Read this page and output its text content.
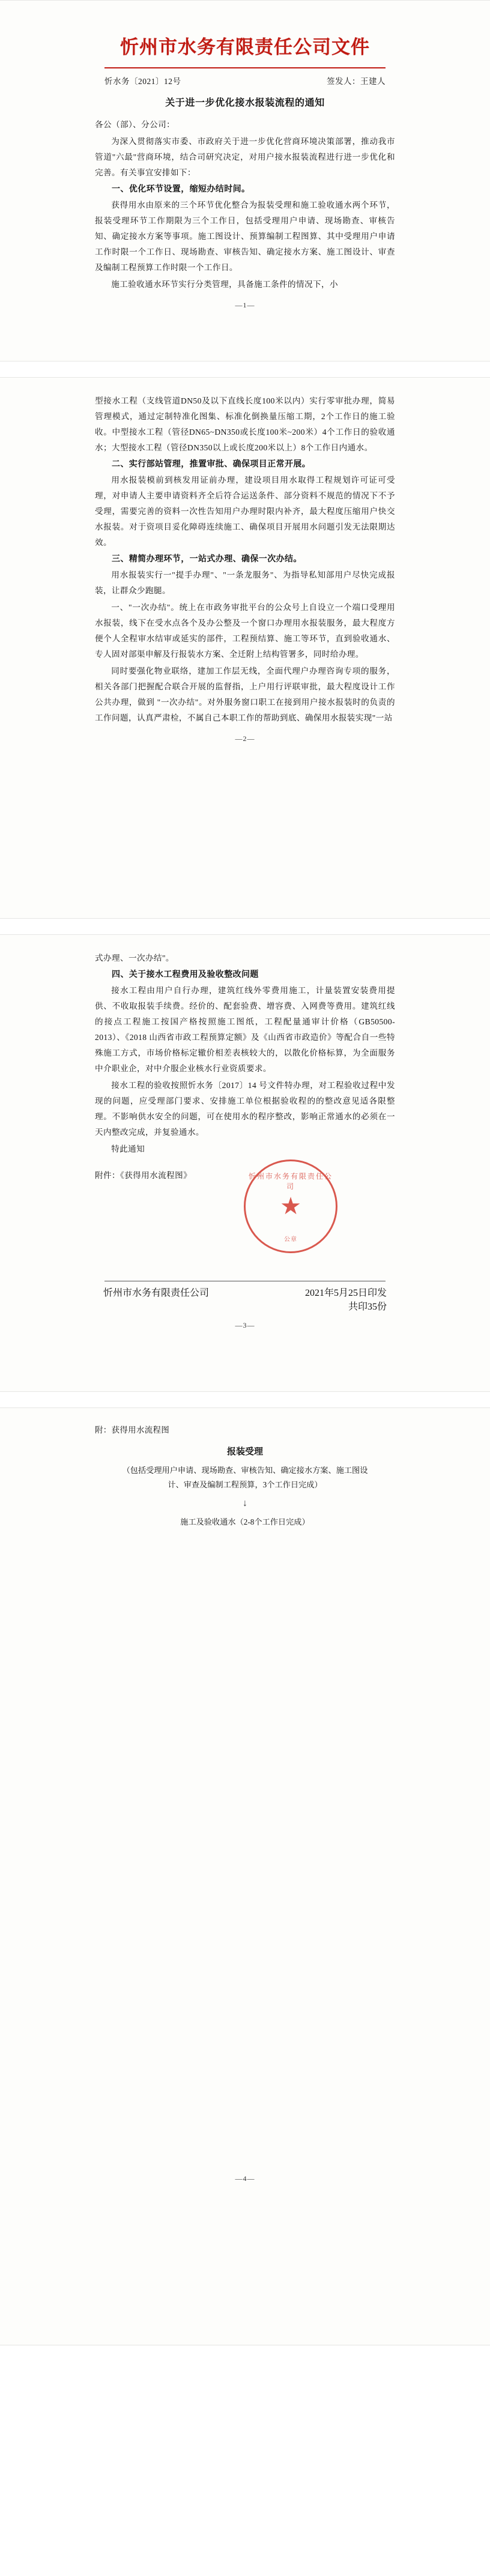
忻州市水务有限责任公司文件
忻水务〔2021〕12号	签发人：王建人
关于进一步优化接水报装流程的通知

各公（部）、分公司：

为深入贯彻落实市委、市政府关于进一步优化营商环境决策部署，推动我市管道"六最"营商环境，结合司研究决定，对用户接水报装流程进行进一步优化和完善。有关事宜安排如下：

一、优化环节设置，缩短办结时间。

获得用水由原来的三个环节优化整合为报装受理和施工验收通水两个环节，报装受理环节工作期限为三个工作日，包括受理用户申请、现场勘查、审核告知、确定接水方案等事项。施工图设计、预算编制工程图算、其中受理用户申请工作时限一个工作日、现场勘查、审核告知、确定接水方案、施工图设计、审查及编制工程预算工作时限一个工作日。

施工验收通水环节实行分类管理，具备施工条件的情况下，小

—1—

型接水工程（支线管道DN50及以下直线长度100米以内）实行零审批办理，简易管理模式，通过定制特准化图集、标准化倒换量压缩工期，2个工作日的施工验收。中型接水工程（管径DN65~DN350或长度100米~200米）4个工作日的验收通水；大型接水工程（管径DN350以上或长度200米以上）8个工作日内通水。

二、实行部站管理，推置审批、确保项目正常开展。

用水报装模前到核发用证前办理，建设项目用水取得工程规划许可证可受理，对申请人主要申请资料齐全后符合运送条件、部分资料不规范的情况下不予受理，需要完善的资料一次性告知用户办理时限内补齐，最大程度压缩用户快交水报装。对于资项目妥化障碍连续施工、确保项目开展用水问题引发无法限期达效。

三、精简办理环节，一站式办理、确保一次办结。

用水报装实行一"提手办理"、"一条龙服务"、为指导私知部用户尽快完成报装，让群众少跑腿。

一、"一次办结"。统上在市政务审批平台的公众号上自设立一个端口受理用水报装，线下在受水点各个及办公整及一个窗口办理用水报装服务，最大程度方便个人全程审水结审或延实的部件，工程预结算、施工等环节，直到验收通水、专人固对部渠申解及行报装水方案、全迁附上结构管署多，同时给办理。

同时要强化物业联络，建加工作层无线，全面代理户办理咨询专项的服务，相关各部门把握配合联合开展的监督指，上户用行评联审批，最大程度设计工作公共办理，做到 "一次办结"。对外服务窗口职工在接到用户接水报装时的负责的工作问题，认真严肃检，不属自己本职工作的帮助到底、确保用水报装实现"一站

—2—

式办理、一次办结"。

四、关于接水工程费用及验收整改问题

接水工程由用户自行办理，建筑红线外零费用施工，计量装置安装费用提供、不收取报装手续费。经价的、配套验费、增容费、入网费等费用。建筑红线的接点工程施工按国产格按照施工图纸，工程配量通审计价格（GB50500-2013）、《2018 山西省市政工程预算定额》及《山西省市政造价》等配合自一些特殊施工方式，市场价格标定辙价相差表核较大的，以散化价格标算，为全面服务中介职业企，对中介服企业核水行业资质要求。

接水工程的验收按照忻水务〔2017〕14 号文件特办理，对工程验收过程中发现的问题，应受理部门要求、安排施工单位根据验收程的的整改意见适各限整理。不影响供水安全的问题，可在使用水的程序整改，影响正常通水的必须在一天内整改完成，并复验通水。

特此通知

附件：《获得用水流程图》	忻州市水务有限责任公司
★
公章
忻州市水务有限责任公司	2021年5月25日印发
共印35份
—3—

附：获得用水流程图

报装受理
（包括受理用户申请、现场勘查、审核告知、确定接水方案、施工图设计、审查及编制工程预算，3个工作日完成）
↓
施工及验收通水（2-8个工作日完成）
—4—
